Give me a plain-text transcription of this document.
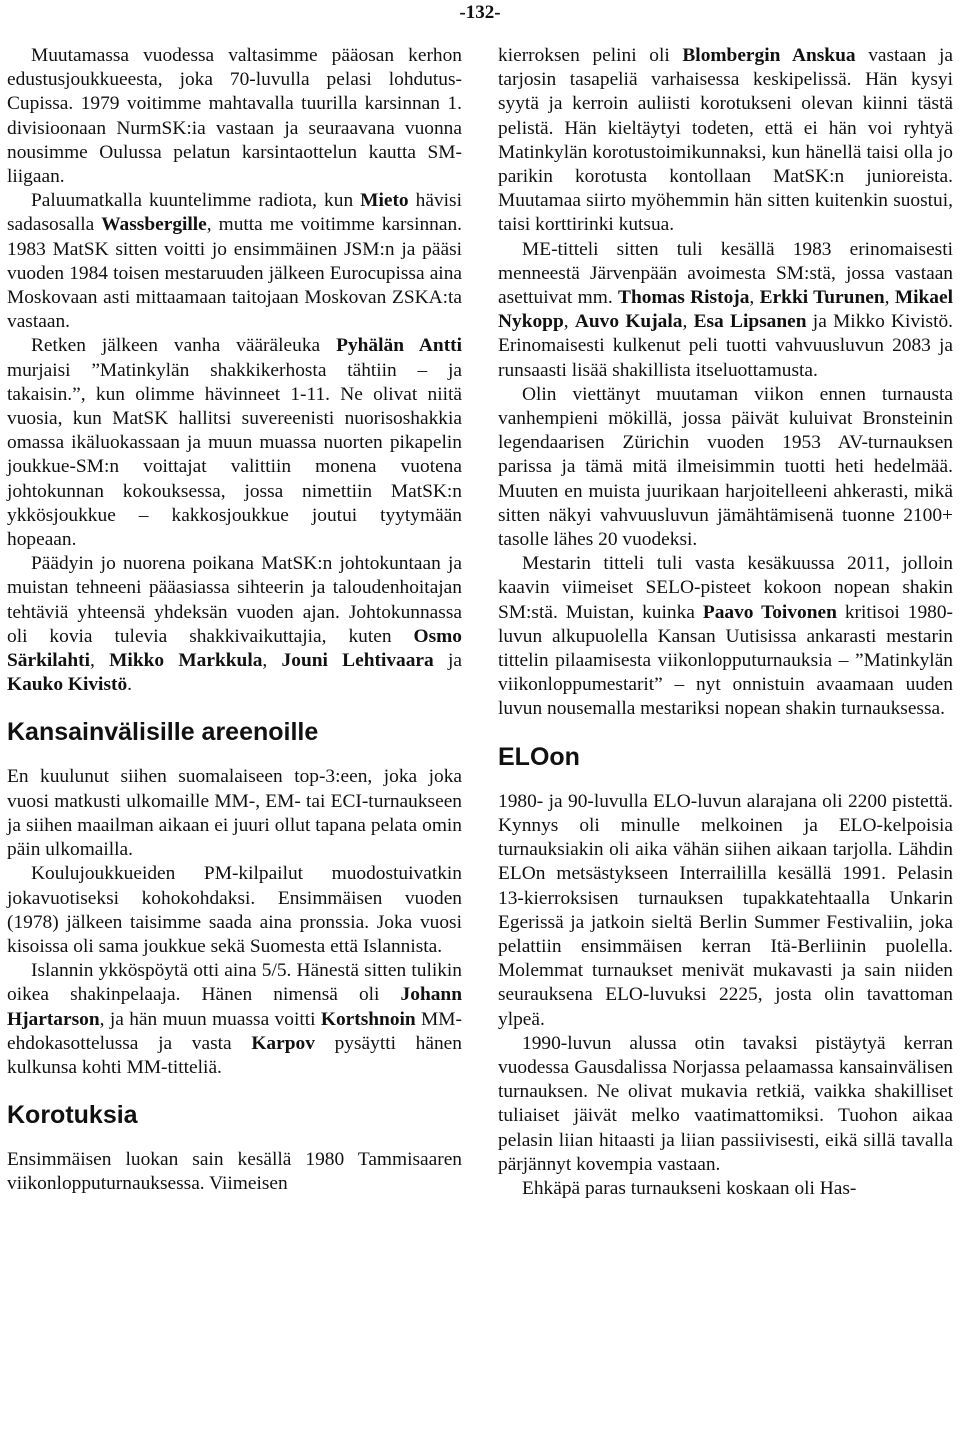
-132-

Muutamassa vuodessa valtasimme pääosan kerhon edustusjoukkueesta, joka 70-luvulla pelasi lohdutus-Cupissa. 1979 voitimme mahtavalla tuurilla karsinnan 1. divisioonaan NurmSK:ia vastaan ja seuraavana vuonna nousimme Oulussa pelatun karsintaottelun kautta SM-liigaan.

Paluumatkalla kuuntelimme radiota, kun Mieto hävisi sadasosalla Wassbergille, mutta me voitimme karsinnan. 1983 MatSK sitten voitti jo ensimmäinen JSM:n ja pääsi vuoden 1984 toisen mestaruuden jälkeen Eurocupissa aina Moskovaan asti mittaamaan taitojaan Moskovan ZSKA:ta vastaan.

Retken jälkeen vanha vääräleuka Pyhälän Antti murjaisi ”Matinkylän shakkikerhosta tähtiin – ja takaisin.”, kun olimme hävinneet 1-11. Ne olivat niitä vuosia, kun MatSK hallitsi suvereenisti nuorisoshakkia omassa ikäluokassaan ja muun muassa nuorten pikapelin joukkue-SM:n voittajat valittiin monena vuotena johtokunnan kokouksessa, jossa nimettiin MatSK:n ykkösjoukkue – kakkosjoukkue joutui tyytymään hopeaan.

Päädyin jo nuorena poikana MatSK:n johtokuntaan ja muistan tehneeni pääasiassa sihteerin ja taloudenhoitajan tehtäviä yhteensä yhdeksän vuoden ajan. Johtokunnassa oli kovia tulevia shakkivaikuttajia, kuten Osmo Särkilahti, Mikko Markkula, Jouni Lehtivaara ja Kauko Kivistö.

Kansainvälisille areenoille

En kuulunut siihen suomalaiseen top-3:een, joka joka vuosi matkusti ulkomaille MM-, EM- tai ECI-turnaukseen ja siihen maailman aikaan ei juuri ollut tapana pelata omin päin ulkomailla.

Koulujoukkueiden PM-kilpailut muodostuivatkin jokavuotiseksi kohokohdaksi. Ensimmäisen vuoden (1978) jälkeen taisimme saada aina pronssia. Joka vuosi kisoissa oli sama joukkue sekä Suomesta että Islannista.

Islannin ykköspöytä otti aina 5/5. Hänestä sitten tulikin oikea shakinpelaaja. Hänen nimensä oli Johann Hjartarson, ja hän muun muassa voitti Kortshnoin MM-ehdokasottelussa ja vasta Karpov pysäytti hänen kulkunsa kohti MM-titteliä.

Korotuksia

Ensimmäisen luokan sain kesällä 1980 Tammisaaren viikonlopputurnauksessa. Viimeisen

kierroksen pelini oli Blombergin Anskua vastaan ja tarjosin tasapeliä varhaisessa keskipelissä. Hän kysyi syytä ja kerroin auliisti korotukseni olevan kiinni tästä pelistä. Hän kieltäytyi todeten, että ei hän voi ryhtyä Matinkylän korotustoimikunnaksi, kun hänellä taisi olla jo parikin korotusta kontollaan MatSK:n junioreista. Muutamaa siirto myöhemmin hän sitten kuitenkin suostui, taisi korttirinki kutsua.

ME-titteli sitten tuli kesällä 1983 erinomaisesti menneestä Järvenpään avoimesta SM:stä, jossa vastaan asettuivat mm. Thomas Ristoja, Erkki Turunen, Mikael Nykopp, Auvo Kujala, Esa Lipsanen ja Mikko Kivistö. Erinomaisesti kulkenut peli tuotti vahvuusluvun 2083 ja runsaasti lisää shakillista itseluottamusta.

Olin viettänyt muutaman viikon ennen turnausta vanhempieni mökillä, jossa päivät kuluivat Bronsteinin legendaarisen Zürichin vuoden 1953 AV-turnauksen parissa ja tämä mitä ilmeisimmin tuotti heti hedelmää. Muuten en muista juurikaan harjoitelleeni ahkerasti, mikä sitten näkyi vahvuusluvun jämähtämisenä tuonne 2100+ tasolle lähes 20 vuodeksi.

Mestarin titteli tuli vasta kesäkuussa 2011, jolloin kaavin viimeiset SELO-pisteet kokoon nopean shakin SM:stä. Muistan, kuinka Paavo Toivonen kritisoi 1980-luvun alkupuolella Kansan Uutisissa ankarasti mestarin tittelin pilaamisesta viikonlopputurnauksia – ”Matinkylän viikonloppumestarit” – nyt onnistuin avaamaan uuden luvun nousemalla mestariksi nopean shakin turnauksessa.

ELOon

1980- ja 90-luvulla ELO-luvun alarajana oli 2200 pistettä. Kynnys oli minulle melkoinen ja ELO-kelpoisia turnauksiakin oli aika vähän siihen aikaan tarjolla. Lähdin ELOn metsästykseen Interraililla kesällä 1991. Pelasin 13-kierroksisen turnauksen tupakkatehtaalla Unkarin Egerissä ja jatkoin sieltä Berlin Summer Festivaliin, joka pelattiin ensimmäisen kerran Itä-Berliinin puolella. Molemmat turnaukset menivät mukavasti ja sain niiden seurauksena ELO-luvuksi 2225, josta olin tavattoman ylpeä.

1990-luvun alussa otin tavaksi pistäytyä kerran vuodessa Gausdalissa Norjassa pelaamassa kansainvälisen turnauksen. Ne olivat mukavia retkiä, vaikka shakilliset tuliaiset jäivät melko vaatimattomiksi. Tuohon aikaa pelasin liian hitaasti ja liian passiivisesti, eikä sillä tavalla pärjännyt kovempia vastaan.

Ehkäpä paras turnaukseni koskaan oli Has-
